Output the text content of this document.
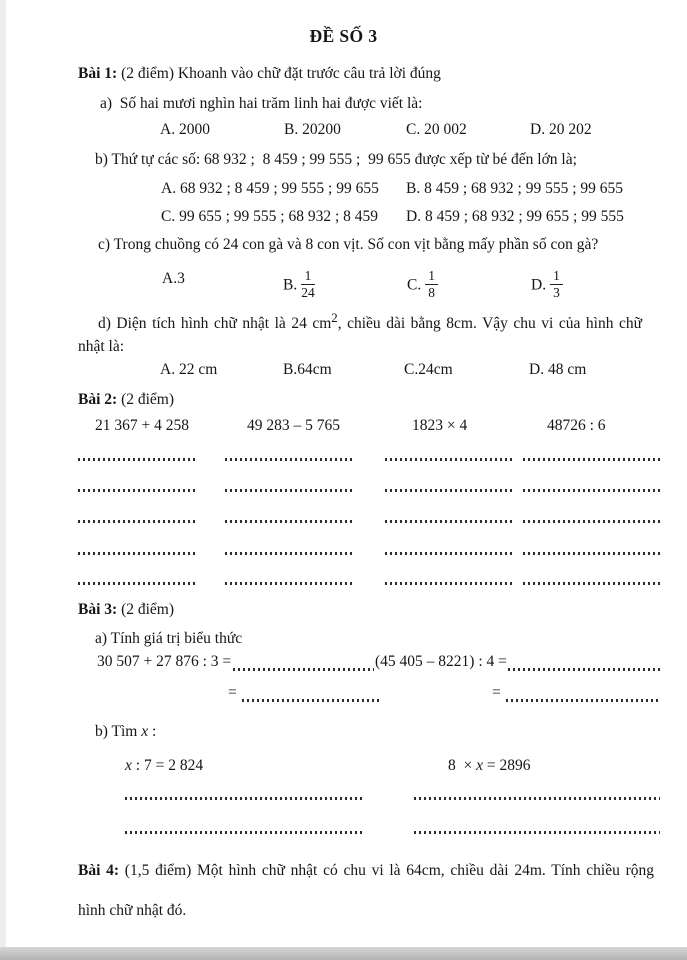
ĐỀ SỐ 3
Bài 1: (2 điểm) Khoanh vào chữ đặt trước câu trả lời đúng
a)  Số hai mươi nghìn hai trăm linh hai được viết là:
A. 2000	B. 20200	C. 20 002	D. 20 202
b) Thứ tự các số: 68 932 ;  8 459 ; 99 555 ;  99 655 được xếp từ bé đến lớn là;
A. 68 932 ; 8 459 ; 99 555 ; 99 655 B. 8 459 ; 68 932 ; 99 555 ; 99 655
C. 99 655 ; 99 555 ; 68 932 ; 8 459 D. 8 459 ; 68 932 ; 99 655 ; 99 555
c) Trong chuồng có 24 con gà và 8 con vịt. Số con vịt bằng mấy phần số con gà?
A.3	B. $\frac{1}{24}$	C. $\frac{1}{8}$	D. $\frac{1}{3}$
d) Diện tích hình chữ nhật là 24 $cm^2$, chiều dài bằng 8cm. Vậy chu vi của hình chữ
nhật là:
A. 22 cm	B.64cm	C.24cm	D. 48 cm
Bài 2: (2 điểm)
21 367 + 4 258	49 283 – 5 765	1823 × 4	48726 : 6
Bài 3: (2 điểm)
a) Tính giá trị biểu thức
30 507 + 27 876 : 3 =	(45 405 – 8221) : 4 =
=	=
b) Tìm x :
x : 7 = 2 824	8  × x = 2896
Bài 4: (1,5 điểm) Một hình chữ nhật có chu vi là 64cm, chiều dài 24m. Tính chiều rộng
hình chữ nhật đó.
